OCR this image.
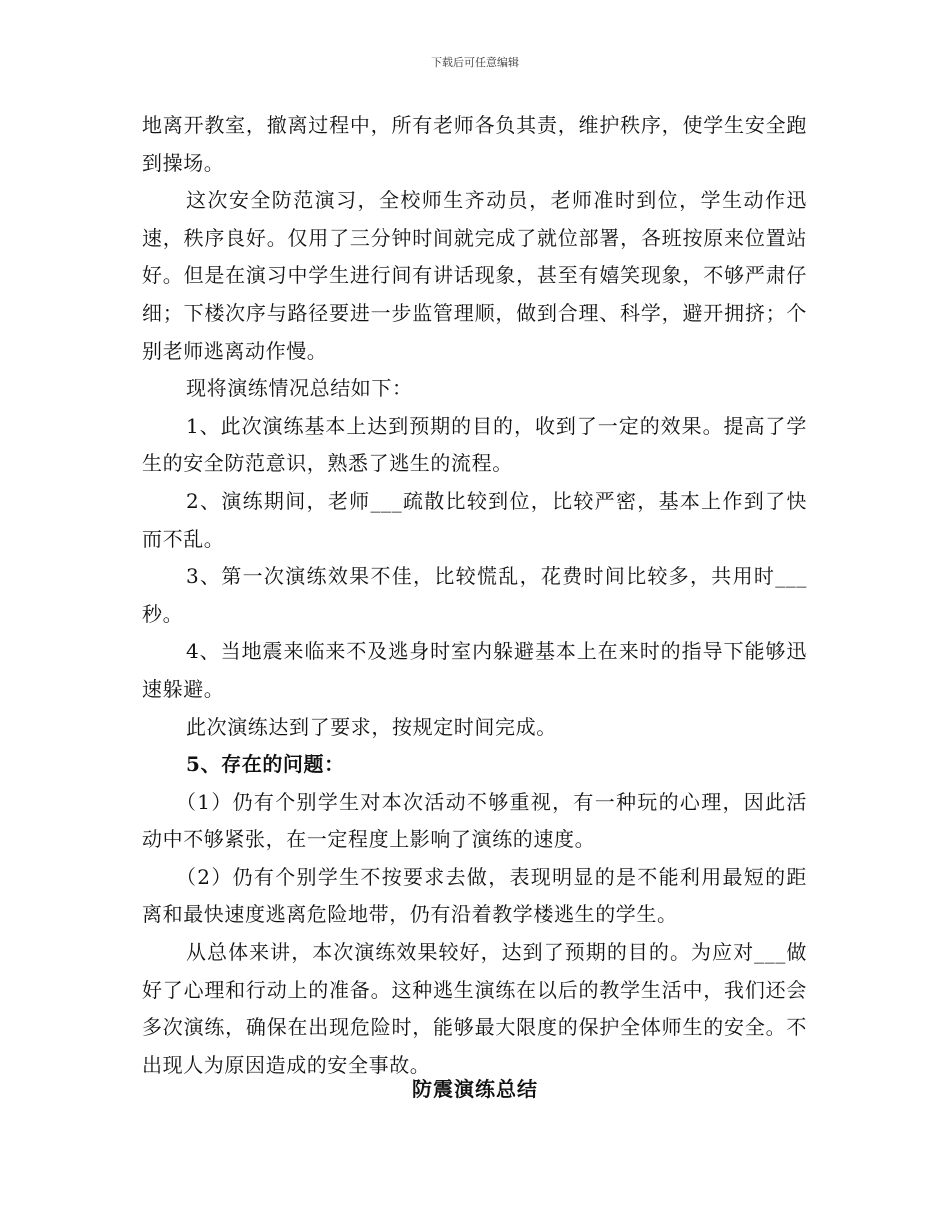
下载后可任意编辑

地离开教室，撤离过程中，所有老师各负其责，维护秩序，使学生安全跑到操场。

这次安全防范演习，全校师生齐动员，老师准时到位，学生动作迅速，秩序良好。仅用了三分钟时间就完成了就位部署，各班按原来位置站好。但是在演习中学生进行间有讲话现象，甚至有嬉笑现象，不够严肃仔细；下楼次序与路径要进一步监管理顺，做到合理、科学，避开拥挤；个别老师逃离动作慢。

现将演练情况总结如下：

1、此次演练基本上达到预期的目的，收到了一定的效果。提高了学生的安全防范意识，熟悉了逃生的流程。

2、演练期间，老师___疏散比较到位，比较严密，基本上作到了快而不乱。

3、第一次演练效果不佳，比较慌乱，花费时间比较多，共用时___秒。

4、当地震来临来不及逃身时室内躲避基本上在来时的指导下能够迅速躲避。

此次演练达到了要求，按规定时间完成。

5、存在的问题：

（1）仍有个别学生对本次活动不够重视，有一种玩的心理，因此活动中不够紧张，在一定程度上影响了演练的速度。

（2）仍有个别学生不按要求去做，表现明显的是不能利用最短的距离和最快速度逃离危险地带，仍有沿着教学楼逃生的学生。

从总体来讲，本次演练效果较好，达到了预期的目的。为应对___做好了心理和行动上的准备。这种逃生演练在以后的教学生活中，我们还会多次演练，确保在出现危险时，能够最大限度的保护全体师生的安全。不出现人为原因造成的安全事故。

防震演练总结
